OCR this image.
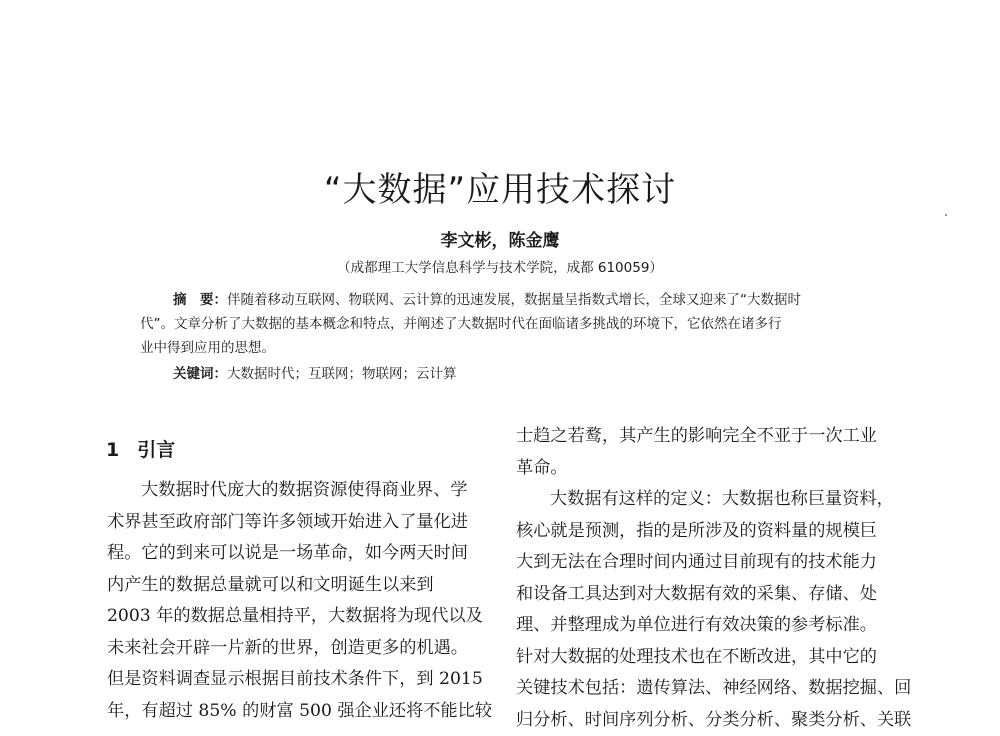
“大数据”应用技术探讨
李文彬，陈金鹰
（成都理工大学信息科学与技术学院，成都 610059）
摘　要：伴随着移动互联网、物联网、云计算的迅速发展，数据量呈指数式增长，全球又迎来了“大数据时
代”。文章分析了大数据的基本概念和特点，并阐述了大数据时代在面临诸多挑战的环境下，它依然在诸多行
业中得到应用的思想。
关键词：大数据时代；互联网；物联网；云计算
1 引言
大数据时代庞大的数据资源使得商业界、学
术界甚至政府部门等许多领域开始进入了量化进
程。它的到来可以说是一场革命，如今两天时间
内产生的数据总量就可以和文明诞生以来到
2003 年的数据总量相持平，大数据将为现代以及
未来社会开辟一片新的世界，创造更多的机遇。
但是资料调查显示根据目前技术条件下，到 2015
年，有超过 85% 的财富 500 强企业还将不能比较
士趋之若鹜，其产生的影响完全不亚于一次工业
革命。
大数据有这样的定义：大数据也称巨量资料，
核心就是预测，指的是所涉及的资料量的规模巨
大到无法在合理时间内通过目前现有的技术能力
和设备工具达到对大数据有效的采集、存储、处
理、并整理成为单位进行有效决策的参考标准。
针对大数据的处理技术也在不断改进，其中它的
关键技术包括：遗传算法、神经网络、数据挖掘、回
归分析、时间序列分析、分类分析、聚类分析、关联
